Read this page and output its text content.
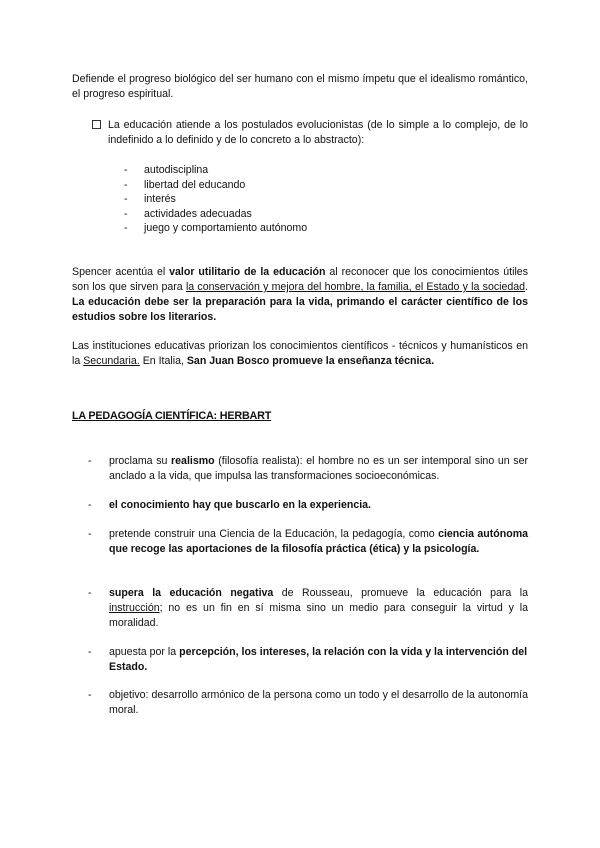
Defiende el progreso biológico del ser humano con el mismo ímpetu que el idealismo romántico, el progreso espiritual.
La educación atiende a los postulados evolucionistas (de lo simple a lo complejo, de lo indefinido a lo definido y de lo concreto a lo abstracto):
- autodisciplina
- libertad del educando
- interés
- actividades adecuadas
- juego y comportamiento autónomo
Spencer acentúa el valor utilitario de la educación al reconocer que los conocimientos útiles son los que sirven para la conservación y mejora del hombre, la familia, el Estado y la sociedad. La educación debe ser la preparación para la vida, primando el carácter científico de los estudios sobre los literarios.
Las instituciones educativas priorizan los conocimientos científicos - técnicos y humanísticos en la Secundaria. En Italia, San Juan Bosco promueve la enseñanza técnica.
LA PEDAGOGÍA CIENTÍFICA: HERBART
- proclama su realismo (filosofía realista): el hombre no es un ser intemporal sino un ser anclado a la vida, que impulsa las transformaciones socioeconómicas.
- el conocimiento hay que buscarlo en la experiencia.
- pretende construir una Ciencia de la Educación, la pedagogía, como ciencia autónoma que recoge las aportaciones de la filosofía práctica (ética) y la psicología.
- supera la educación negativa de Rousseau, promueve la educación para la instrucción; no es un fin en sí misma sino un medio para conseguir la virtud y la moralidad.
- apuesta por la percepción, los intereses, la relación con la vida y la intervención del Estado.
- objetivo: desarrollo armónico de la persona como un todo y el desarrollo de la autonomía moral.
